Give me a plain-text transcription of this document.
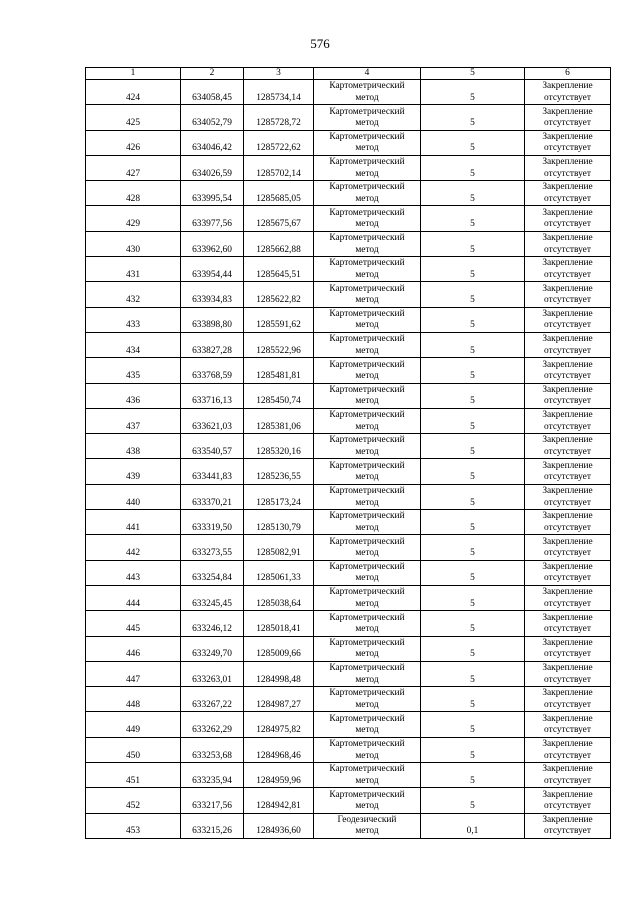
576
1	2	3	4	5	6
424	634058,45	1285734,14	Картометрический
метод	5	Закрепление
отсутствует

425	634052,79	1285728,72	Картометрический
метод	5	Закрепление
отсутствует

426	634046,42	1285722,62	Картометрический
метод	5	Закрепление
отсутствует

427	634026,59	1285702,14	Картометрический
метод	5	Закрепление
отсутствует

428	633995,54	1285685,05	Картометрический
метод	5	Закрепление
отсутствует

429	633977,56	1285675,67	Картометрический
метод	5	Закрепление
отсутствует

430	633962,60	1285662,88	Картометрический
метод	5	Закрепление
отсутствует

431	633954,44	1285645,51	Картометрический
метод	5	Закрепление
отсутствует

432	633934,83	1285622,82	Картометрический
метод	5	Закрепление
отсутствует

433	633898,80	1285591,62	Картометрический
метод	5	Закрепление
отсутствует

434	633827,28	1285522,96	Картометрический
метод	5	Закрепление
отсутствует

435	633768,59	1285481,81	Картометрический
метод	5	Закрепление
отсутствует

436	633716,13	1285450,74	Картометрический
метод	5	Закрепление
отсутствует

437	633621,03	1285381,06	Картометрический
метод	5	Закрепление
отсутствует

438	633540,57	1285320,16	Картометрический
метод	5	Закрепление
отсутствует

439	633441,83	1285236,55	Картометрический
метод	5	Закрепление
отсутствует

440	633370,21	1285173,24	Картометрический
метод	5	Закрепление
отсутствует

441	633319,50	1285130,79	Картометрический
метод	5	Закрепление
отсутствует

442	633273,55	1285082,91	Картометрический
метод	5	Закрепление
отсутствует

443	633254,84	1285061,33	Картометрический
метод	5	Закрепление
отсутствует

444	633245,45	1285038,64	Картометрический
метод	5	Закрепление
отсутствует

445	633246,12	1285018,41	Картометрический
метод	5	Закрепление
отсутствует

446	633249,70	1285009,66	Картометрический
метод	5	Закрепление
отсутствует

447	633263,01	1284998,48	Картометрический
метод	5	Закрепление
отсутствует

448	633267,22	1284987,27	Картометрический
метод	5	Закрепление
отсутствует

449	633262,29	1284975,82	Картометрический
метод	5	Закрепление
отсутствует

450	633253,68	1284968,46	Картометрический
метод	5	Закрепление
отсутствует

451	633235,94	1284959,96	Картометрический
метод	5	Закрепление
отсутствует

452	633217,56	1284942,81	Картометрический
метод	5	Закрепление
отсутствует

453	633215,26	1284936,60	Геодезический
метод	0,1	Закрепление
отсутствует
